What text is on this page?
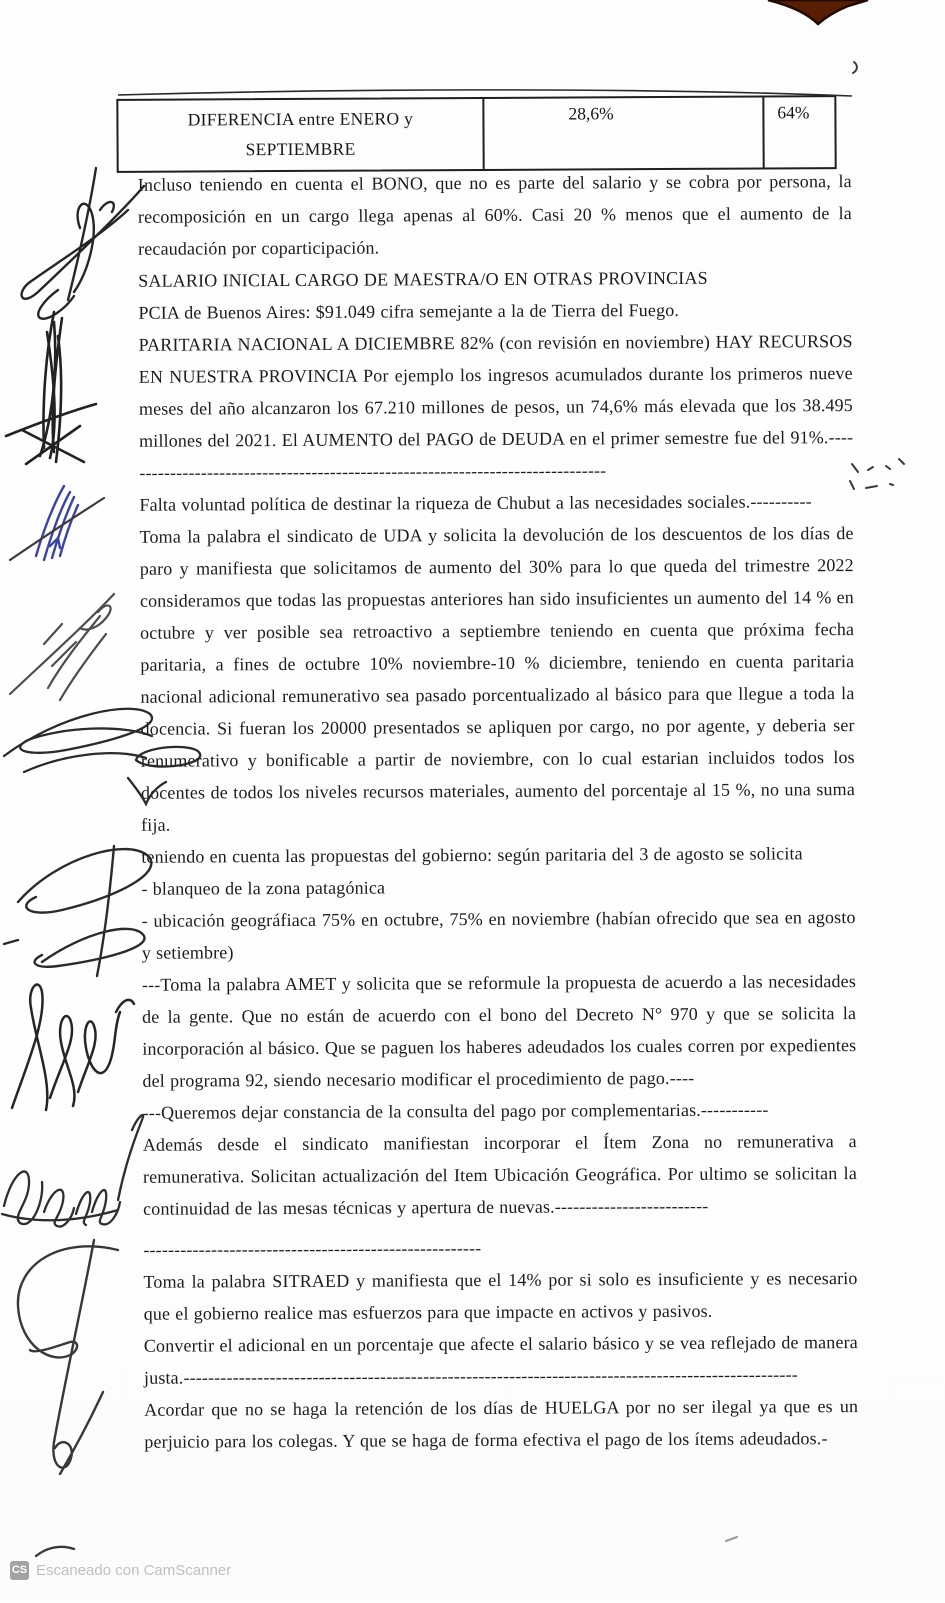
DIFERENCIA entre ENERO y
SEPTIEMBRE
28,6%	64%

Incluso teniendo en cuenta el BONO, que no es parte del salario y se cobra por persona, la recomposición en un cargo llega apenas al 60%. Casi 20 % menos que el aumento de la recaudación por coparticipación.

SALARIO INICIAL CARGO DE MAESTRA/O EN OTRAS PROVINCIAS

PCIA de Buenos Aires: $91.049 cifra semejante a la de Tierra del Fuego.

PARITARIA NACIONAL A DICIEMBRE 82% (con revisión en noviembre) HAY RECURSOS EN NUESTRA PROVINCIA Por ejemplo los ingresos acumulados durante los primeros nueve meses del año alcanzaron los 67.210 millones de pesos, un 74,6% más elevada que los 38.495 millones del 2021. El AUMENTO del PAGO de DEUDA en el primer semestre fue del 91%.--------------------------------------------------------------------------------

Falta voluntad política de destinar la riqueza de Chubut a las necesidades sociales.----------

Toma la palabra el sindicato de UDA y solicita la devolución de los descuentos de los días de paro y manifiesta que solicitamos de aumento del 30% para lo que queda del trimestre 2022 consideramos que todas las propuestas anteriores han sido insuficientes un aumento del 14 % en octubre y ver posible sea retroactivo a septiembre teniendo en cuenta que próxima fecha paritaria, a fines de octubre 10% noviembre-10 % diciembre, teniendo en cuenta paritaria nacional adicional remunerativo sea pasado porcentualizado al básico para que llegue a toda la docencia. Si fueran los 20000 presentados se apliquen por cargo, no por agente, y deberia ser renumerativo y bonificable a partir de noviembre, con lo cual estarian incluidos todos los docentes de todos los niveles recursos materiales, aumento del porcentaje al 15 %, no una suma fija.

teniendo en cuenta las propuestas del gobierno: según paritaria del 3 de agosto se solicita

- blanqueo de la zona patagónica

- ubicación geográfiaca 75% en octubre, 75% en noviembre (habían ofrecido que sea en agosto y setiembre)

---Toma la palabra AMET y solicita que se reformule la propuesta de acuerdo a las necesidades de la gente. Que no están de acuerdo con el bono del Decreto N° 970 y que se solicita la incorporación al básico. Que se paguen los haberes adeudados los cuales corren por expedientes del programa 92, siendo necesario modificar el procedimiento de pago.----

---Queremos dejar constancia de la consulta del pago por complementarias.-----------

Además desde el sindicato manifiestan incorporar el Ítem Zona no remunerativa a remunerativa. Solicitan actualización del Item Ubicación Geográfica. Por ultimo se solicitan la continuidad de las mesas técnicas y apertura de nuevas.-------------------------

-------------------------------------------------------

Toma la palabra SITRAED y manifiesta que el 14% por si solo es insuficiente y es necesario que el gobierno realice mas esfuerzos para que impacte en activos y pasivos.

Convertir el adicional en un porcentaje que afecte el salario básico y se vea reflejado de manera justa.----------------------------------------------------------------------------------------------------

Acordar que no se haga la retención de los días de HUELGA por no ser ilegal ya que es un perjuicio para los colegas. Y que se haga de forma efectiva el pago de los ítems adeudados.-

CS Escaneado con CamScanner
